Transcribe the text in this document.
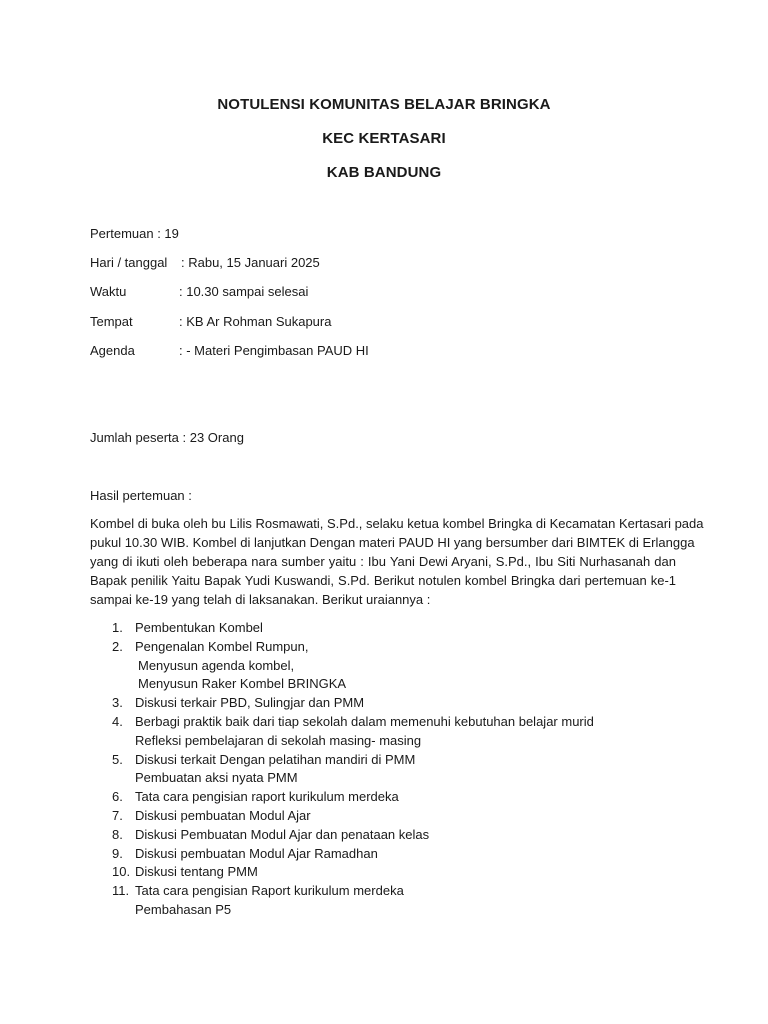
NOTULENSI KOMUNITAS BELAJAR BRINGKA
KEC KERTASARI
KAB BANDUNG
Pertemuan : 19
Hari / tanggal : Rabu, 15 Januari 2025
Waktu	: 10.30 sampai selesai
Tempat	: KB Ar Rohman Sukapura
Agenda	: - Materi Pengimbasan PAUD HI
Jumlah peserta : 23 Orang
Hasil pertemuan :
Kombel di buka oleh bu Lilis Rosmawati, S.Pd., selaku ketua kombel Bringka di Kecamatan Kertasari pada
pukul 10.30 WIB. Kombel di lanjutkan Dengan materi PAUD HI yang bersumber dari BIMTEK di Erlangga
yang di ikuti oleh beberapa nara sumber yaitu : Ibu Yani Dewi Aryani, S.Pd., Ibu Siti Nurhasanah dan
Bapak penilik Yaitu Bapak Yudi Kuswandi, S.Pd. Berikut notulen kombel Bringka dari pertemuan ke-1
sampai ke-19 yang telah di laksanakan. Berikut uraiannya :
1. Pembentukan Kombel
2. Pengenalan Kombel Rumpun,
Menyusun agenda kombel,
Menyusun Raker Kombel BRINGKA
3. Diskusi terkair PBD, Sulingjar dan PMM
4. Berbagi praktik baik dari tiap sekolah dalam memenuhi kebutuhan belajar murid
Refleksi pembelajaran di sekolah masing- masing
5. Diskusi terkait Dengan pelatihan mandiri di PMM
Pembuatan aksi nyata PMM
6. Tata cara pengisian raport kurikulum merdeka
7. Diskusi pembuatan Modul Ajar
8. Diskusi Pembuatan Modul Ajar dan penataan kelas
9. Diskusi pembuatan Modul Ajar Ramadhan
10. Diskusi tentang PMM
11. Tata cara pengisian Raport kurikulum merdeka
Pembahasan P5
